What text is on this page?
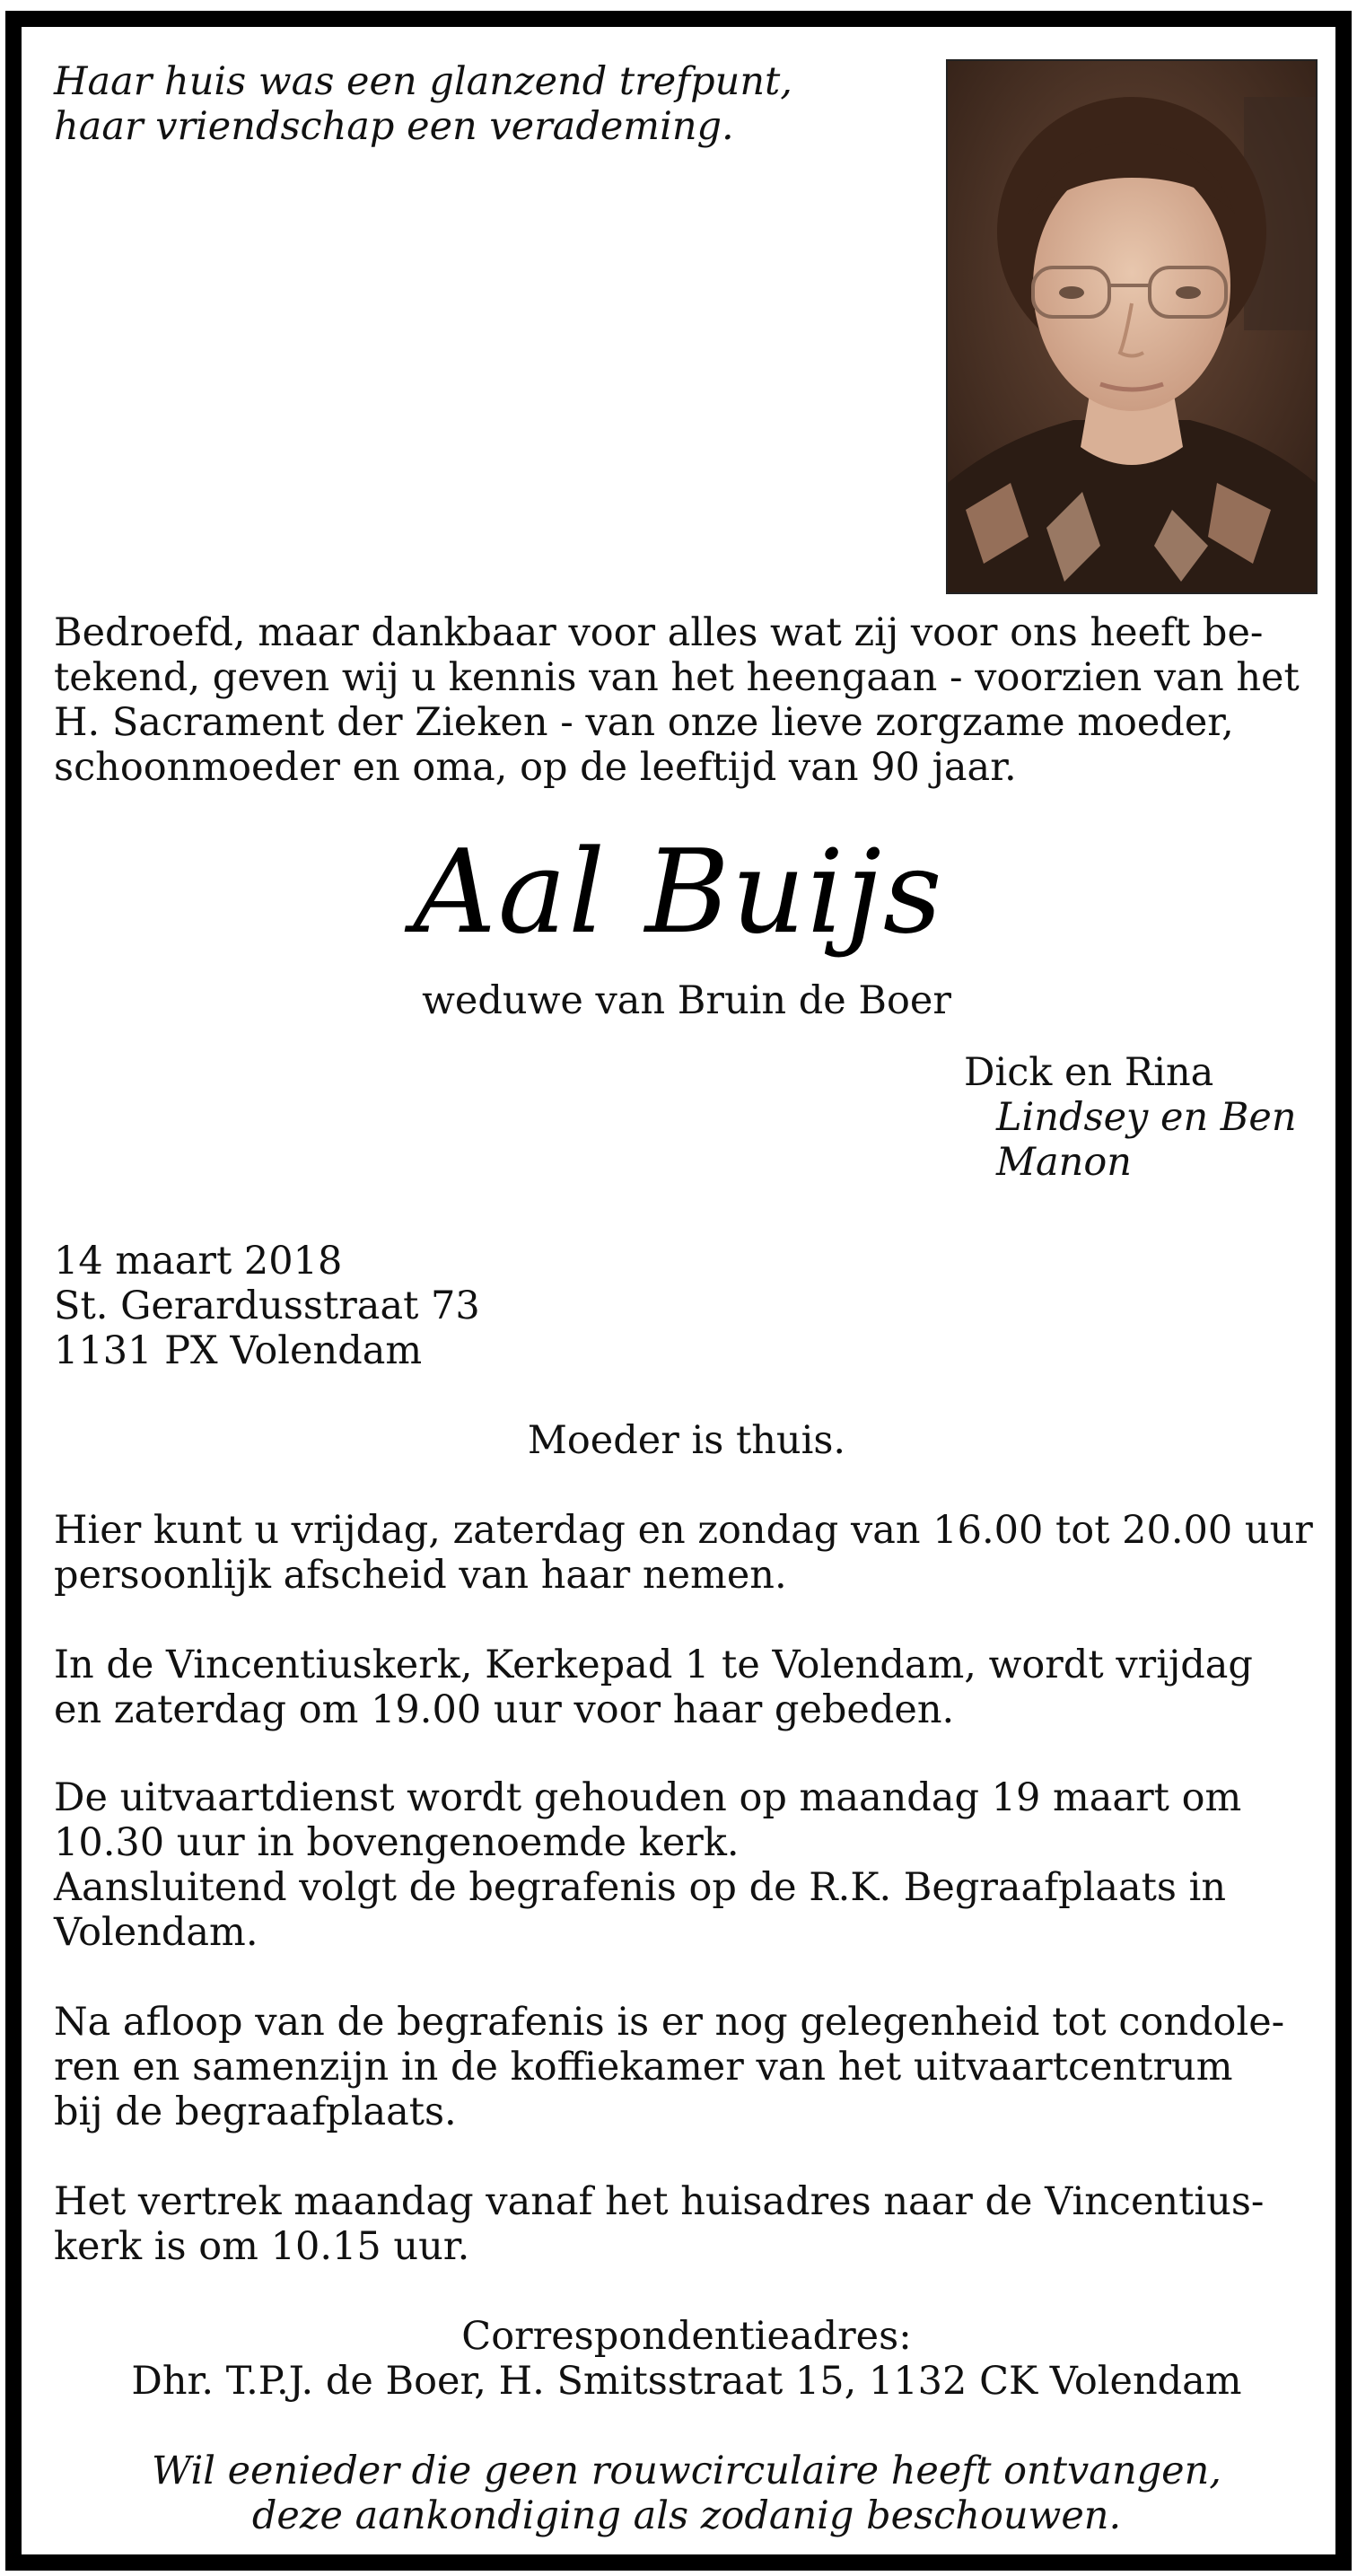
Haar huis was een glanzend trefpunt,
haar vriendschap een verademing.
Bedroefd, maar dankbaar voor alles wat zij voor ons heeft be-
tekend, geven wij u kennis van het heengaan - voorzien van het
H. Sacrament der Zieken - van onze lieve zorgzame moeder,
schoonmoeder en oma, op de leeftijd van 90 jaar.
Aal Buijs
weduwe van Bruin de Boer
Dick en Rina
Lindsey en Ben
Manon
14 maart 2018
St. Gerardusstraat 73
1131 PX Volendam
Moeder is thuis.
Hier kunt u vrijdag, zaterdag en zondag van 16.00 tot 20.00 uur
persoonlijk afscheid van haar nemen.
In de Vincentiuskerk, Kerkepad 1 te Volendam, wordt vrijdag
en zaterdag om 19.00 uur voor haar gebeden.
De uitvaartdienst wordt gehouden op maandag 19 maart om
10.30 uur in bovengenoemde kerk.
Aansluitend volgt de begrafenis op de R.K. Begraafplaats in
Volendam.
Na afloop van de begrafenis is er nog gelegenheid tot condole-
ren en samenzijn in de koffiekamer van het uitvaartcentrum
bij de begraafplaats.
Het vertrek maandag vanaf het huisadres naar de Vincentius-
kerk is om 10.15 uur.
Correspondentieadres:
Dhr. T.P.J. de Boer, H. Smitsstraat 15, 1132 CK Volendam
Wil eenieder die geen rouwcirculaire heeft ontvangen,
deze aankondiging als zodanig beschouwen.
